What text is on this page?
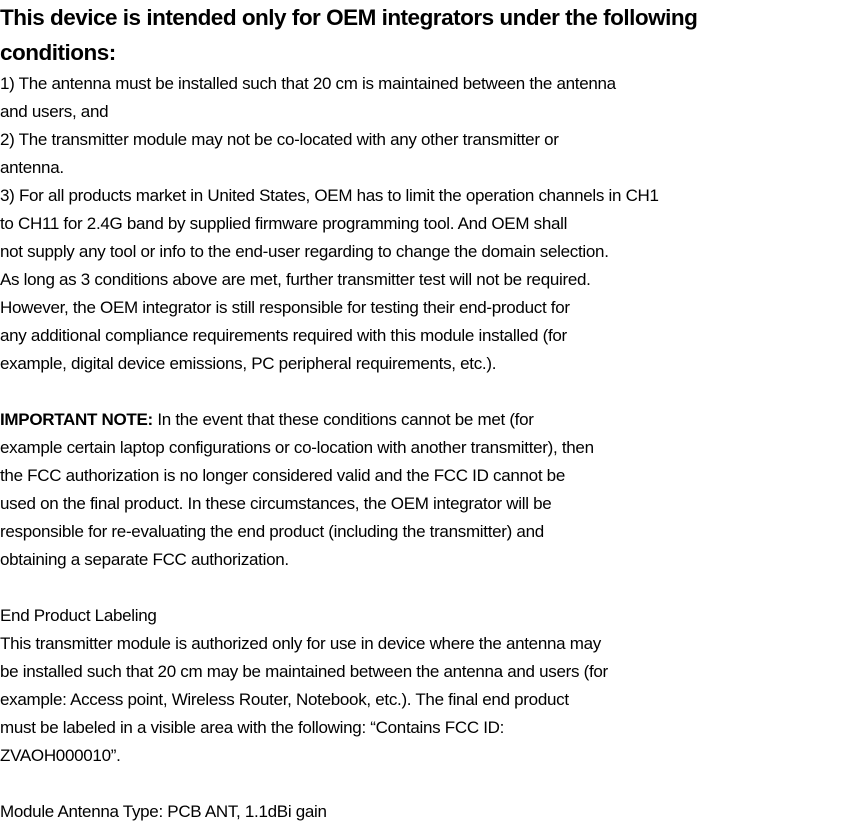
This device is intended only for OEM integrators under the following
conditions:
1) The antenna must be installed such that 20 cm is maintained between the antenna
and users, and
2) The transmitter module may not be co-located with any other transmitter or
antenna.
3) For all products market in United States, OEM has to limit the operation channels in CH1
to CH11 for 2.4G band by supplied firmware programming tool. And OEM shall
not supply any tool or info to the end-user regarding to change the domain selection.
As long as 3 conditions above are met, further transmitter test will not be required.
However, the OEM integrator is still responsible for testing their end-product for
any additional compliance requirements required with this module installed (for
example, digital device emissions, PC peripheral requirements, etc.).
IMPORTANT NOTE: In the event that these conditions cannot be met (for
example certain laptop configurations or co-location with another transmitter), then
the FCC authorization is no longer considered valid and the FCC ID cannot be
used on the final product. In these circumstances, the OEM integrator will be
responsible for re-evaluating the end product (including the transmitter) and
obtaining a separate FCC authorization.
End Product Labeling
This transmitter module is authorized only for use in device where the antenna may
be installed such that 20 cm may be maintained between the antenna and users (for
example: Access point, Wireless Router, Notebook, etc.). The final end product
must be labeled in a visible area with the following: “Contains FCC ID:
ZVAOH000010”.
Module Antenna Type: PCB ANT, 1.1dBi gain
